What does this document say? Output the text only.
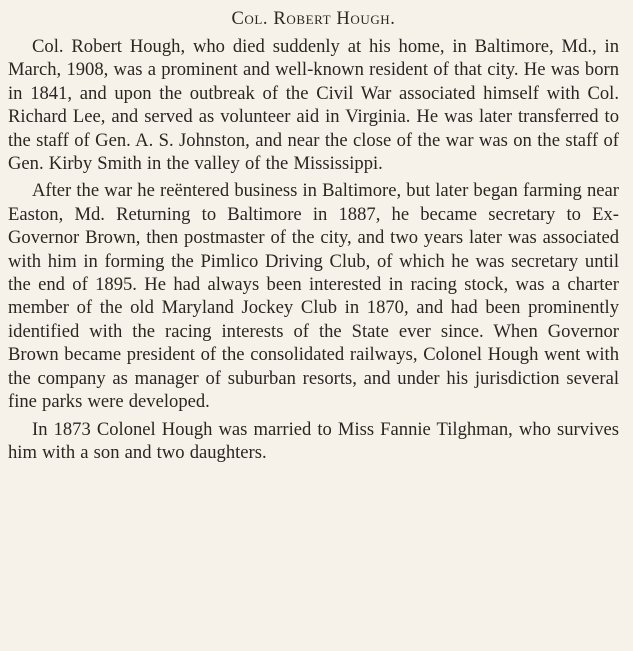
Col. Robert Hough.

Col. Robert Hough, who died suddenly at his home, in Baltimore, Md., in March, 1908, was a prominent and well-known resident of that city. He was born in 1841, and upon the outbreak of the Civil War associated himself with Col. Richard Lee, and served as volunteer aid in Virginia. He was later transferred to the staff of Gen. A. S. Johnston, and near the close of the war was on the staff of Gen. Kirby Smith in the valley of the Mississippi.

After the war he reëntered business in Baltimore, but later began farming near Easton, Md. Returning to Baltimore in 1887, he became secretary to Ex-Governor Brown, then postmaster of the city, and two years later was associated with him in forming the Pimlico Driving Club, of which he was secretary until the end of 1895. He had always been interested in racing stock, was a charter member of the old Maryland Jockey Club in 1870, and had been prominently identified with the racing interests of the State ever since. When Governor Brown became president of the consolidated railways, Colonel Hough went with the company as manager of suburban resorts, and under his jurisdiction several fine parks were developed.

In 1873 Colonel Hough was married to Miss Fannie Tilghman, who survives him with a son and two daughters.
